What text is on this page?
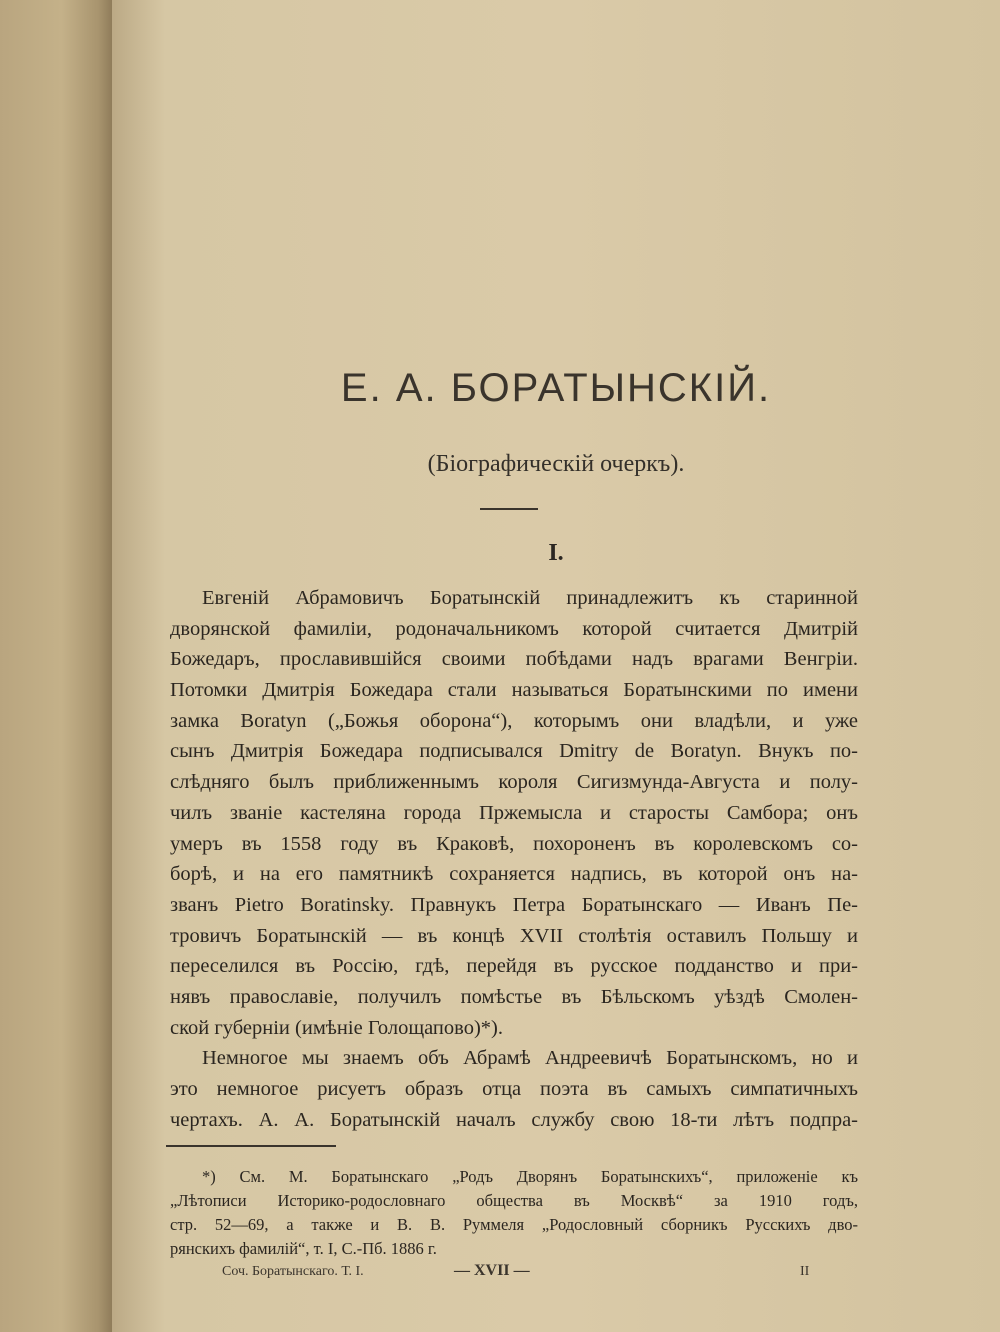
Е. А. БОРАТЫНСКIЙ.
(Бiографическiй очеркъ).
I.
Евгенiй Абрамовичъ Боратынскiй принадлежитъ къ старинной
дворянской фамилiи, родоначальникомъ которой считается Дмитрiй
Божедаръ, прославившiйся своими побѣдами надъ врагами Венгрiи.
Потомки Дмитрiя Божедара стали называться Боратынскими по имени
замка Boratyn („Божья оборона“), которымъ они владѣли, и уже
сынъ Дмитрiя Божедара подписывался Dmitry de Boratyn. Внукъ по-
слѣдняго былъ приближеннымъ короля Сигизмунда-Августа и полу-
чилъ званiе кастеляна города Пржемысла и старосты Самбора; онъ
умеръ въ 1558 году въ Краковѣ, похороненъ въ королевскомъ со-
борѣ, и на его памятникѣ сохраняется надпись, въ которой онъ на-
званъ Pietro Boratinsky. Правнукъ Петра Боратынскаго — Иванъ Пе-
тровичъ Боратынскiй — въ концѣ XVII столѣтiя оставилъ Польшу и
переселился въ Россiю, гдѣ, перейдя въ русское подданство и при-
нявъ православiе, получилъ помѣстье въ Бѣльскомъ уѣздѣ Смолен-
ской губернiи (имѣнiе Голощапово)*).
Немногое мы знаемъ объ Абрамѣ Андреевичѣ Боратынскомъ, но и
это немногое рисуетъ образъ отца поэта въ самыхъ симпатичныхъ
чертахъ. А. А. Боратынскiй началъ службу свою 18-ти лѣтъ подпра-
*) См. М. Боратынскаго „Родъ Дворянъ Боратынскихъ“, приложенiе къ
„Лѣтописи Историко-родословнаго общества въ Москвѣ“ за 1910 годъ,
стр. 52—69, а также и В. В. Руммеля „Родословный сборникъ Русскихъ дво-
рянскихъ фамилiй“, т. I, С.-Пб. 1886 г.
Соч. Боратынскаго. Т. I.	— XVII —	II
